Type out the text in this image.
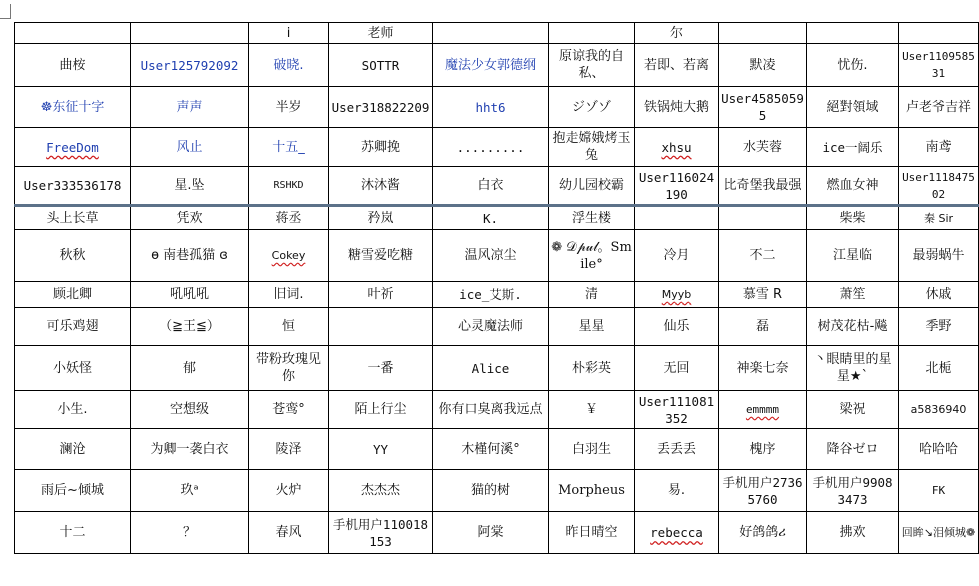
		i	老师			尔			
曲桉	User125792092	破晓.	SOTTR	魔法少女郭德纲	原谅我的自私、	若即、若离	默凌	忧伤.	User110958531
☸东征十字	声声	半岁	User318822209	hht6	ジゾゾ	铁锅炖大鹅	User45850595	絕對領域	卢老爷吉祥
FreeDom	风止	十五_	苏卿挽	.........	抱走嫦娥烤玉兔	xhsu	水芙蓉	ice一阔乐	南鸢
User333536178	星.坠	RSHKD	沐沐酱	白衣	幼儿园校霸	User116024190	比奇堡我最强	燃血女神	User111847502
头上长草	凭欢	蒋丞	矜岚	K.	浮生楼			柴柴	秦 Sir
秋秋	ɵ 南巷孤猫 ɞ	Cokey	糖雪爱吃糖	温风凉尘	❁ 𝒟𝓅𝓊𝓁。Smile°	冷月	不二	江星临	最弱蜗牛
顾北卿	吼吼吼	旧词.	叶祈	ice_艾斯.	清	Myyb	慕雪 R	萧笙	休戚
可乐鸡翅	（≧王≦）	恒		心灵魔法师	星星	仙乐	磊	树茂花枯-飚	季野
小妖怪	郁	带粉玫瑰见你	一番	Alice	朴彩英	无回	神楽七奈	丶眼睛里的星星★`	北栀
小生.	空想级	苍鸾°	陌上行尘	你有口臭离我远点	￥	User111081352	emmmm	梁祝	a5836940
澜沧	为卿一袭白衣	陵泽	YY	木槿何溪°	白羽生	丢丢丢	槐序	降谷ゼロ	哈哈哈
雨后~倾城	玖ᵃ	火炉	杰杰杰	猫的树	Morpheus	易.	手机用户27365760	手机用户99083473	FK
十二	？	春风	手机用户110018153	阿棠	昨日晴空	rebecca	好鸽鸽ሪ	拂欢	回眸↘泪倾城❁
